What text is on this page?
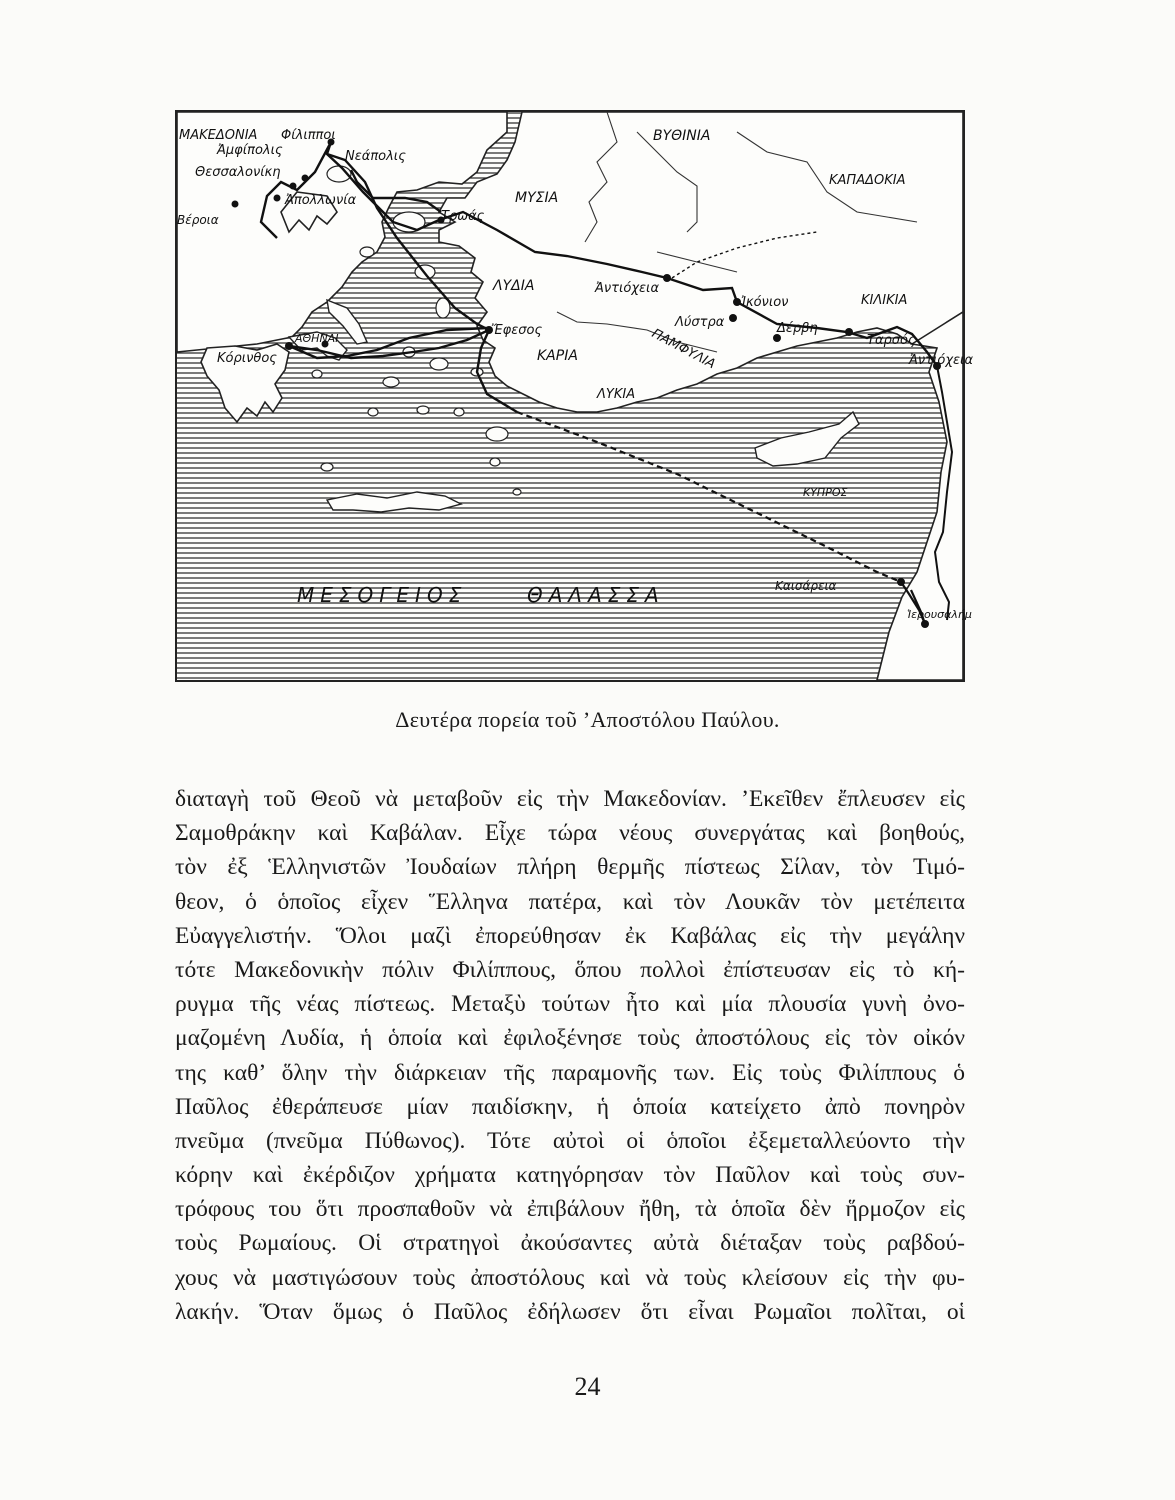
ΜΑΚΕΔΟΝΙΑ Φίλιπποι
Ἀμφίπολις	Νεάπολις
Θεσσαλονίκη
Ἀπολλωνία
Βέροια	Τρωάς
ΜΥΣΙΑ
ΒΥΘΙΝΙΑ
ΚΑΠΑΔΟΚΙΑ
ΛΥΔΙΑ	Ἀντιόχεια
Ἰκόνιον	ΚΙΛΙΚΙΑ
ΑΘΗΝΑΙ
Ἔφεσος
Λύστρα	Δέρβη
Ταρσός
Κόρινθος	ΚΑΡΙΑ	ΠΑΜΦΥΛΙΑ	Ἀντιόχεια
ΛΥΚΙΑ
ΚΥΠΡΟΣ
Καισάρεια
Ἱερουσαλήμ
ΜΕΣΟΓΕΙΟΣ	ΘΑΛΑΣΣΑ
Δευτέρα πορεία τοῦ ’Αποστόλου Παύλου.
διαταγὴ τοῦ Θεοῦ νὰ μεταβοῦν εἰς τὴν Μακεδονίαν. ’Εκεῖθεν ἔπλευσεν εἰς
Σαμοθράκην καὶ Καβάλαν. Εἶχε τώρα νέους συνεργάτας καὶ βοηθούς,
τὸν ἐξ Ἑλληνιστῶν Ἰουδαίων πλήρη θερμῆς πίστεως Σίλαν, τὸν Τιμό-
θεον, ὁ ὁποῖος εἶχεν Ἕλληνα πατέρα, καὶ τὸν Λουκᾶν τὸν μετέπειτα
Εὐαγγελιστήν. Ὅλοι μαζὶ ἐπορεύθησαν ἐκ Καβάλας εἰς τὴν μεγάλην
τότε Μακεδονικὴν πόλιν Φιλίππους, ὅπου πολλοὶ ἐπίστευσαν εἰς τὸ κή-
ρυγμα τῆς νέας πίστεως. Μεταξὺ τούτων ἦτο καὶ μία πλουσία γυνὴ ὀνο-
μαζομένη Λυδία, ἡ ὁποία καὶ ἐφιλοξένησε τοὺς ἀποστόλους εἰς τὸν οἰκόν
της καθ’ ὅλην τὴν διάρκειαν τῆς παραμονῆς των. Εἰς τοὺς Φιλίππους ὁ
Παῦλος ἐθεράπευσε μίαν παιδίσκην, ἡ ὁποία κατείχετο ἀπὸ πονηρὸν
πνεῦμα (πνεῦμα Πύθωνος). Τότε αὐτοὶ οἱ ὁποῖοι ἐξεμεταλλεύοντο τὴν
κόρην καὶ ἐκέρδιζον χρήματα κατηγόρησαν τὸν Παῦλον καὶ τοὺς συν-
τρόφους του ὅτι προσπαθοῦν νὰ ἐπιβάλουν ἤθη, τὰ ὁποῖα δὲν ἥρμοζον εἰς
τοὺς Ρωμαίους. Οἱ στρατηγοὶ ἀκούσαντες αὐτὰ διέταξαν τοὺς ραβδού-
χους νὰ μαστιγώσουν τοὺς ἀποστόλους καὶ νὰ τοὺς κλείσουν εἰς τὴν φυ-
λακήν. Ὅταν ὅμως ὁ Παῦλος ἐδήλωσεν ὅτι εἶναι Ρωμαῖοι πολῖται, οἱ
24
